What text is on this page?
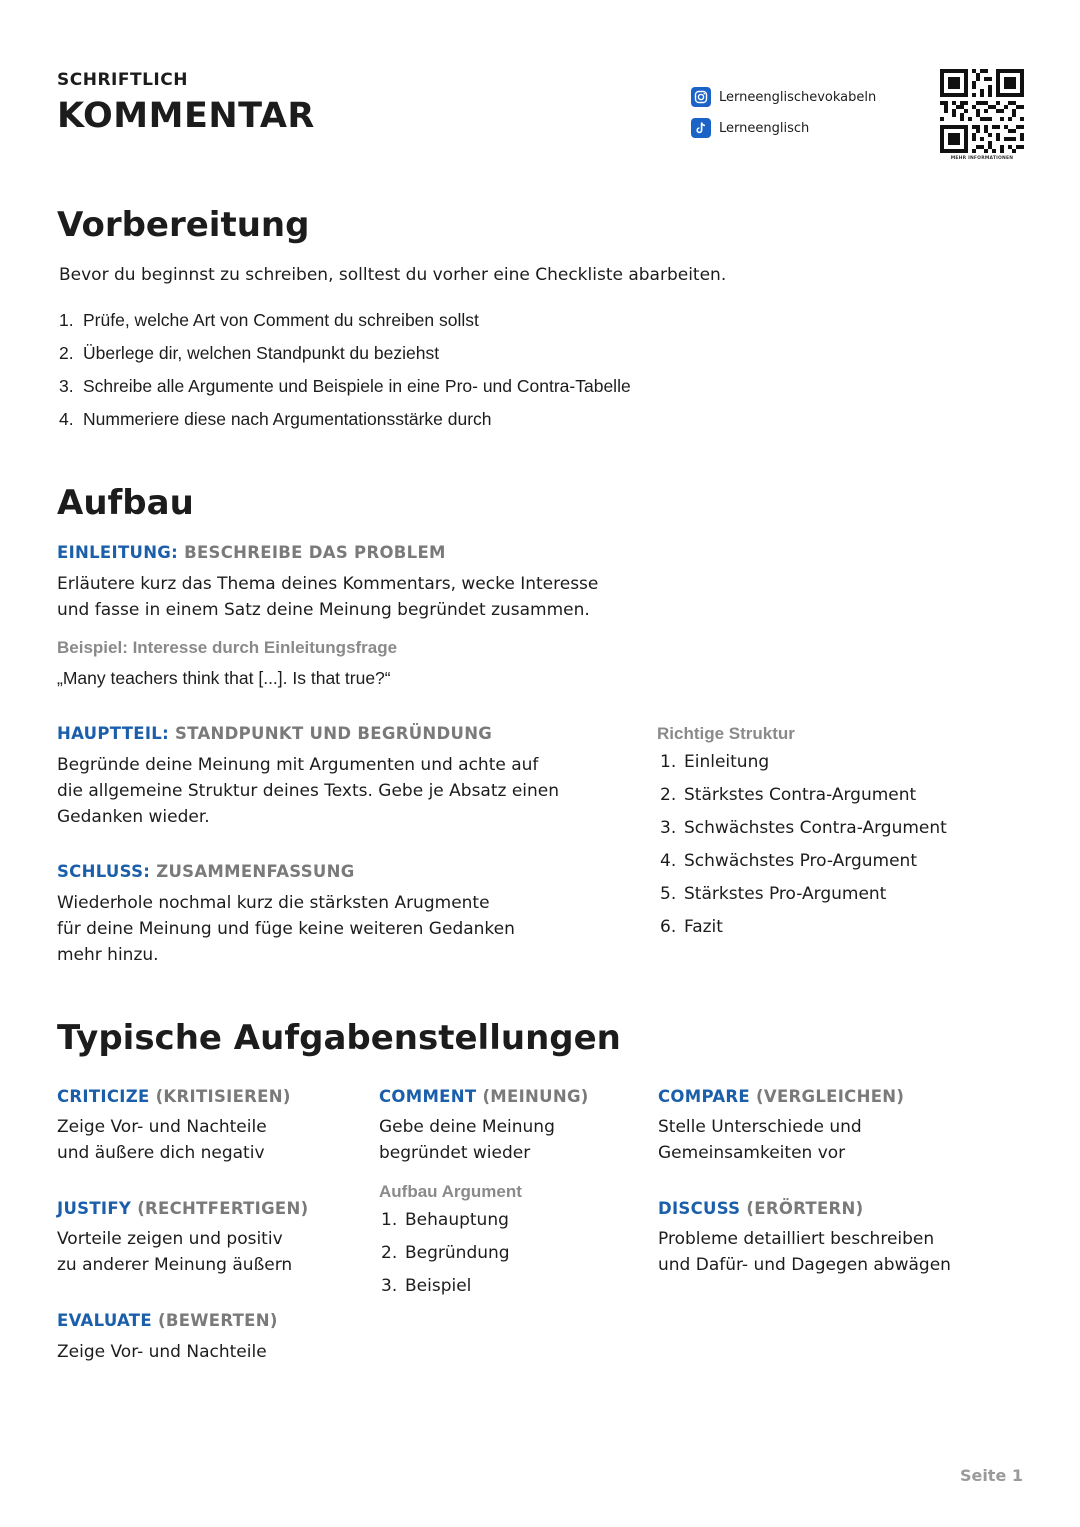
SCHRIFTLICH
KOMMENTAR	Lerneenglischevokabeln
Lerneenglisch
MEHR INFORMATIONEN
Vorbereitung
Bevor du beginnst zu schreiben, solltest du vorher eine Checkliste abarbeiten.
1. Prüfe, welche Art von Comment du schreiben sollst
2. Überlege dir, welchen Standpunkt du beziehst
3. Schreibe alle Argumente und Beispiele in eine Pro- und Contra-Tabelle
4. Nummeriere diese nach Argumentationsstärke durch
Aufbau
EINLEITUNG: BESCHREIBE DAS PROBLEM
Erläutere kurz das Thema deines Kommentars, wecke Interesse
und fasse in einem Satz deine Meinung begründet zusammen.
Beispiel: Interesse durch Einleitungsfrage
„Many teachers think that [...]. Is that true?“
HAUPTTEIL: STANDPUNKT UND BEGRÜNDUNG
Begründe deine Meinung mit Argumenten und achte auf
die allgemeine Struktur deines Texts. Gebe je Absatz einen
Gedanken wieder.
SCHLUSS: ZUSAMMENFASSUNG
Wiederhole nochmal kurz die stärksten Arugmente
für deine Meinung und füge keine weiteren Gedanken
mehr hinzu.
Richtige Struktur
1. Einleitung
2. Stärkstes Contra-Argument
3. Schwächstes Contra-Argument
4. Schwächstes Pro-Argument
5. Stärkstes Pro-Argument
6. Fazit
Typische Aufgabenstellungen
CRITICIZE (KRITISIEREN)
Zeige Vor- und Nachteile
und äußere dich negativ
JUSTIFY (RECHTFERTIGEN)
Vorteile zeigen und positiv
zu anderer Meinung äußern
EVALUATE (BEWERTEN)
Zeige Vor- und Nachteile
COMMENT (MEINUNG)
Gebe deine Meinung
begründet wieder
Aufbau Argument
1. Behauptung
2. Begründung
3. Beispiel
COMPARE (VERGLEICHEN)
Stelle Unterschiede und
Gemeinsamkeiten vor
DISCUSS (ERÖRTERN)
Probleme detailliert beschreiben
und Dafür- und Dagegen abwägen
Seite 1
